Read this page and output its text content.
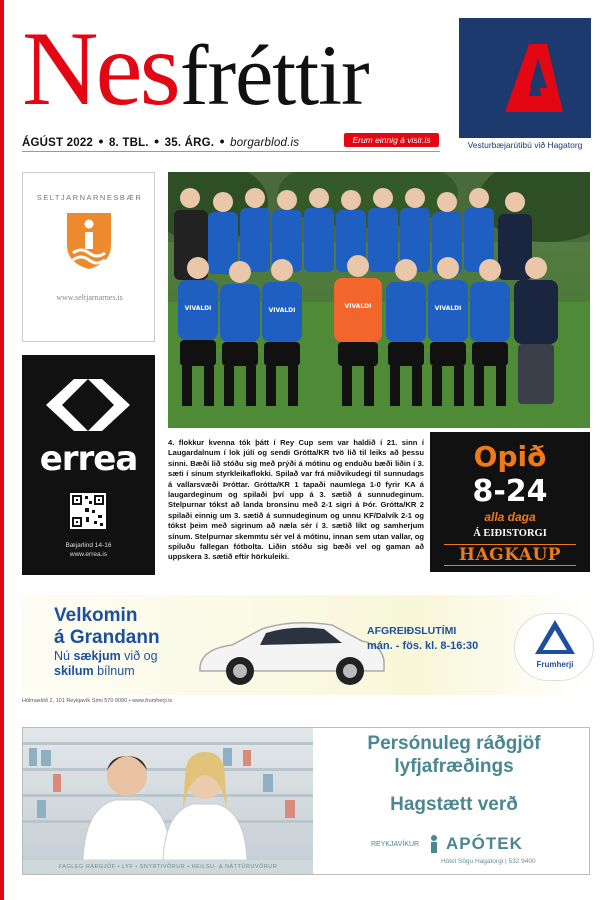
Nesfréttir
ÁGÚST 2022 • 8. TBL. • 35. ÁRG. • borgarblod.is	Erum einnig á visir.is	Vesturbæjarútibú við Hagatorg
SELTJARNARNESBÆR
www.seltjarnarnes.is
errea
Bæjarlind 14-16
www.errea.is
VIVALDI	VIVALDI
VIVALDI	VIVALDI
4. flokkur kvenna tók þátt í Rey Cup sem var haldið í 21. sinn í Laugardalnum í lok júlí og sendi Grótta/KR tvö lið til leiks að þessu sinni. Bæði lið stóðu sig með prýði á mótinu og enduðu bæði liðin í 3. sæti í sínum styrkleikaflokki. Spilað var frá miðvikudegi til sunnudags á vallarsvæði Þróttar. Grótta/KR 1 tapaði naumlega 1-0 fyrir KA á laugardeginum og spilaði því upp á 3. sætið á sunnudeginum. Stelpurnar tókst að landa bronsinu með 2-1 sigri á Þór. Grótta/KR 2 spilaði einnig um 3. sætið á sunnudeginum og unnu KF/Dalvík 2-1 og tókst þeim með sigrinum að næla sér í 3. sætið líkt og samherjum sínum. Stelpurnar skemmtu sér vel á mótinu, innan sem utan vallar, og spiluðu fallegan fótbolta. Liðin stóðu sig bæði vel og gaman að uppskera 3. sætið eftir hörkuleiki.
Opið
8-24
alla daga
Á EIÐISTORGI
HAGKAUP
Velkomin
á Grandann
Nú sækjum við og
skilum bílnum
AFGREIÐSLUTÍMI
mán. - fös. kl. 8-16:30
Frumherji
Hólmaslóð 2, 101 Reykjavík Sími 570 9090 • www.frumherji.is
FAGLEG RÁÐGJÖF • LYF • SNYRTIVÖRUR • HEILSU- & NÁTTÚRUVÖRUR
Persónuleg ráðgjöf
lyfjafræðings
Hagstætt verð
REYKJAVÍKUR APÓTEK
Hótel Sögu Hagatorgi | 532 9400
